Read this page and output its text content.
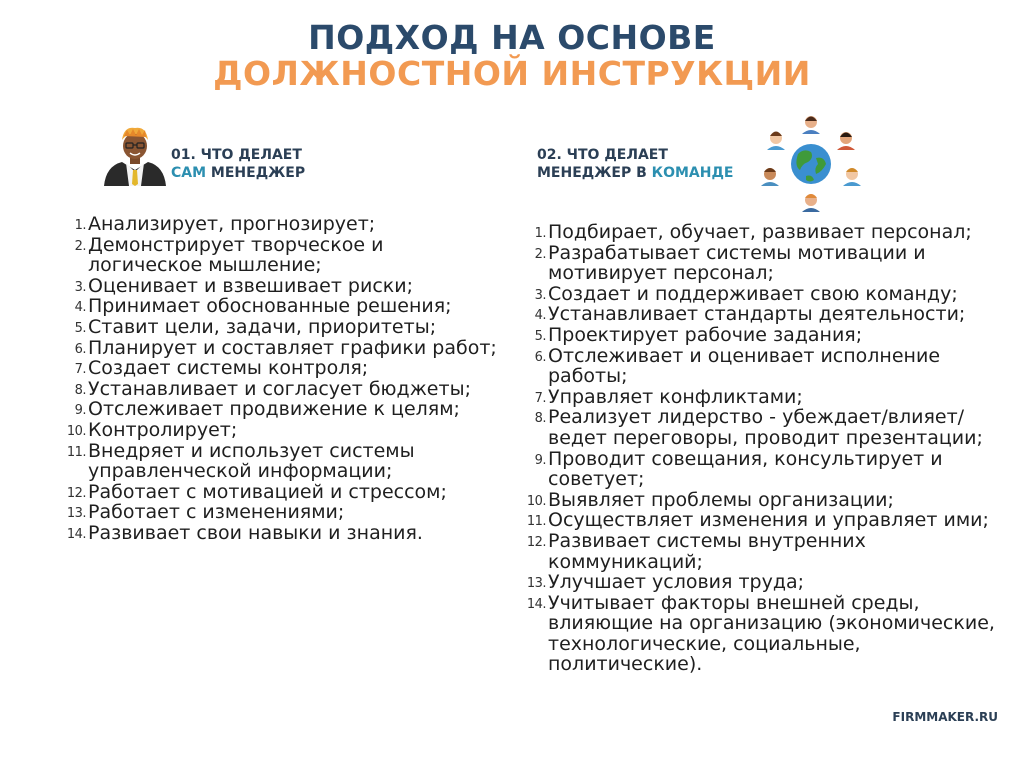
ПОДХОД НА ОСНОВЕ
ДОЛЖНОСТНОЙ ИНСТРУКЦИИ
01. ЧТО ДЕЛАЕТ
САМ МЕНЕДЖЕР
02. ЧТО ДЕЛАЕТ
МЕНЕДЖЕР В КОМАНДЕ
1. Анализирует, прогнозирует;
2. Демонстрирует творческое и логическое мышление;
3. Оценивает и взвешивает риски;
4. Принимает обоснованные решения;
5. Ставит цели, задачи, приоритеты;
6. Планирует и составляет графики работ;
7. Создает системы контроля;
8. Устанавливает и согласует бюджеты;
9. Отслеживает продвижение к целям;
10. Контролирует;
11. Внедряет и использует системы управленческой информации;
12. Работает с мотивацией и стрессом;
13. Работает с изменениями;
14. Развивает свои навыки и знания.
1. Подбирает, обучает, развивает персонал;
2. Разрабатывает системы мотивации и мотивирует персонал;
3. Создает и поддерживает свою команду;
4. Устанавливает стандарты деятельности;
5. Проектирует рабочие задания;
6. Отслеживает и оценивает исполнение работы;
7. Управляет конфликтами;
8. Реализует лидерство - убеждает/влияет/ ведет переговоры, проводит презентации;
9. Проводит совещания, консультирует и советует;
10. Выявляет проблемы организации;
11. Осуществляет изменения и управляет ими;
12. Развивает системы внутренних коммуникаций;
13. Улучшает условия труда;
14. Учитывает факторы внешней среды, влияющие на организацию (экономические, технологические, социальные, политические).
FIRMMAKER.RU
